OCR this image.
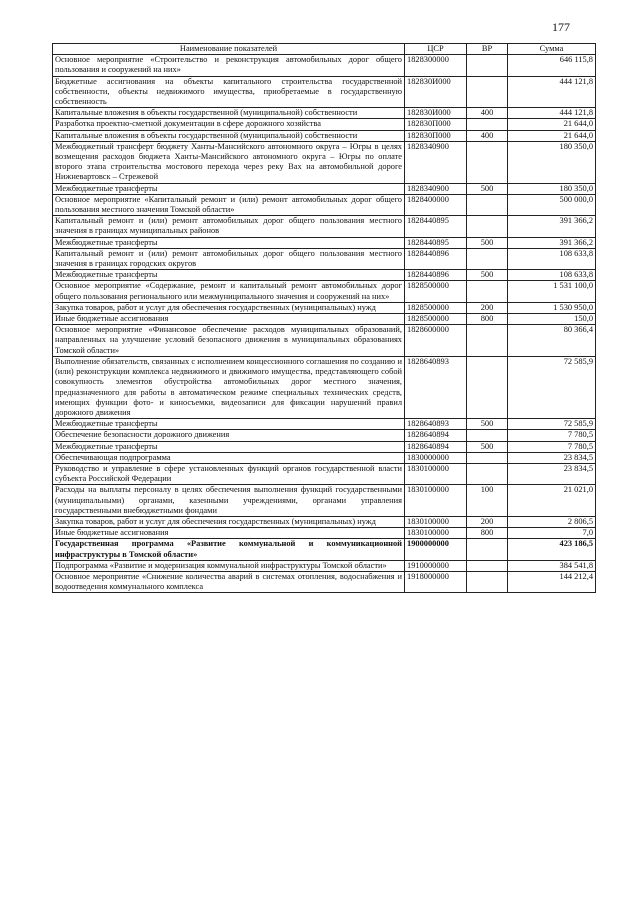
177
Наименование показателей	ЦСР	ВР	Сумма
Основное мероприятие «Строительство и реконструкция автомобильных дорог общего пользования и сооружений на них»	1828300000		646 115,8
Бюджетные ассигнования на объекты капитального строительства государственной собственности, объекты недвижимого имущества, приобретаемые в государственную собственность	182830И000		444 121,8
Капитальные вложения в объекты государственной (муниципальной) собственности	182830И000	400	444 121,8
Разработка проектно-сметной документации в сфере дорожного хозяйства	182830П000		21 644,0
Капитальные вложения в объекты государственной (муниципальной) собственности	182830П000	400	21 644,0
Межбюджетный трансферт бюджету Ханты-Мансийского автономного округа – Югры в целях возмещения расходов бюджета Ханты-Мансийского автономного округа – Югры по оплате второго этапа строительства мостового перехода через реку Вах на автомобильной дороге Нижневартовск – Стрежевой	1828340900		180 350,0
Межбюджетные трансферты	1828340900	500	180 350,0
Основное мероприятие «Капитальный ремонт и (или) ремонт автомобильных дорог общего пользования местного значения Томской области»	1828400000		500 000,0
Капитальный ремонт и (или) ремонт автомобильных дорог общего пользования местного значения в границах муниципальных районов	1828440895		391 366,2
Межбюджетные трансферты	1828440895	500	391 366,2
Капитальный ремонт и (или) ремонт автомобильных дорог общего пользования местного значения в границах городских округов	1828440896		108 633,8
Межбюджетные трансферты	1828440896	500	108 633,8
Основное мероприятие «Содержание, ремонт и капитальный ремонт автомобильных дорог общего пользования регионального или межмуниципального значения и сооружений на них»	1828500000		1 531 100,0
Закупка товаров, работ и услуг для обеспечения государственных (муниципальных) нужд	1828500000	200	1 530 950,0
Иные бюджетные ассигнования	1828500000	800	150,0
Основное мероприятие «Финансовое обеспечение расходов муниципальных образований, направленных на улучшение условий безопасного движения в муниципальных образованиях Томской области»	1828600000		80 366,4
Выполнение обязательств, связанных с исполнением концессионного соглашения по созданию и (или) реконструкции комплекса недвижимого и движимого имущества, представляющего собой совокупность элементов обустройства автомобильных дорог местного значения, предназначенного для работы в автоматическом режиме специальных технических средств, имеющих функции фото- и киносъемки, видеозаписи для фиксации нарушений правил дорожного движения	1828640893		72 585,9
Межбюджетные трансферты	1828640893	500	72 585,9
Обеспечение безопасности дорожного движения	1828640894		7 780,5
Межбюджетные трансферты	1828640894	500	7 780,5
Обеспечивающая подпрограмма	1830000000		23 834,5
Руководство и управление в сфере установленных функций органов государственной власти субъекта Российской Федерации	1830100000		23 834,5
Расходы на выплаты персоналу в целях обеспечения выполнения функций государственными (муниципальными) органами, казенными учреждениями, органами управления государственными внебюджетными фондами	1830100000	100	21 021,0
Закупка товаров, работ и услуг для обеспечения государственных (муниципальных) нужд	1830100000	200	2 806,5
Иные бюджетные ассигнования	1830100000	800	7,0
Государственная программа «Развитие коммунальной и коммуникационной инфраструктуры в Томской области»	1900000000		423 186,5
Подпрограмма «Развитие и модернизация коммунальной инфраструктуры Томской области»	1910000000		384 541,8
Основное мероприятие «Снижение количества аварий в системах отопления, водоснабжения и водоотведения коммунального комплекса	1918000000		144 212,4
